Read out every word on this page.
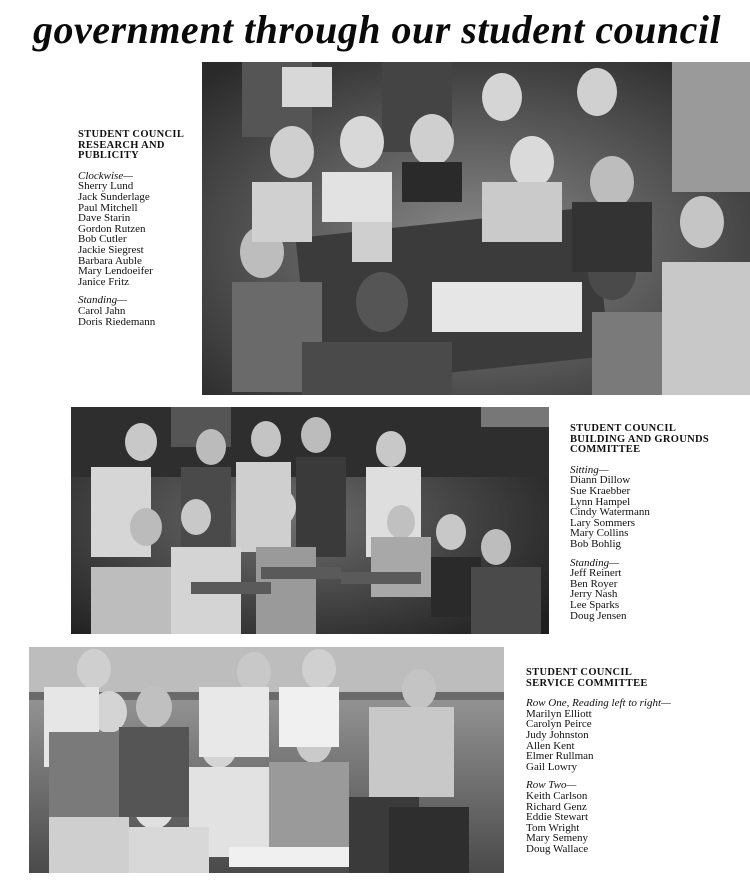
government through our student council
STUDENT COUNCIL
RESEARCH AND
PUBLICITY
Clockwise—
Sherry Lund
Jack Sunderlage
Paul Mitchell
Dave Starin
Gordon Rutzen
Bob Cutler
Jackie Siegrest
Barbara Auble
Mary Lendoeifer
Janice Fritz
Standing—
Carol Jahn
Doris Riedemann
STUDENT COUNCIL
BUILDING AND GROUNDS
COMMITTEE
Sitting—
Diann Dillow
Sue Kraebber
Lynn Hampel
Cindy Watermann
Lary Sommers
Mary Collins
Bob Bohlig
Standing—
Jeff Reinert
Ben Royer
Jerry Nash
Lee Sparks
Doug Jensen
STUDENT COUNCIL
SERVICE COMMITTEE
Row One, Reading left to right—
Marilyn Elliott
Carolyn Peirce
Judy Johnston
Allen Kent
Elmer Rullman
Gail Lowry
Row Two—
Keith Carlson
Richard Genz
Eddie Stewart
Tom Wright
Mary Semeny
Doug Wallace
